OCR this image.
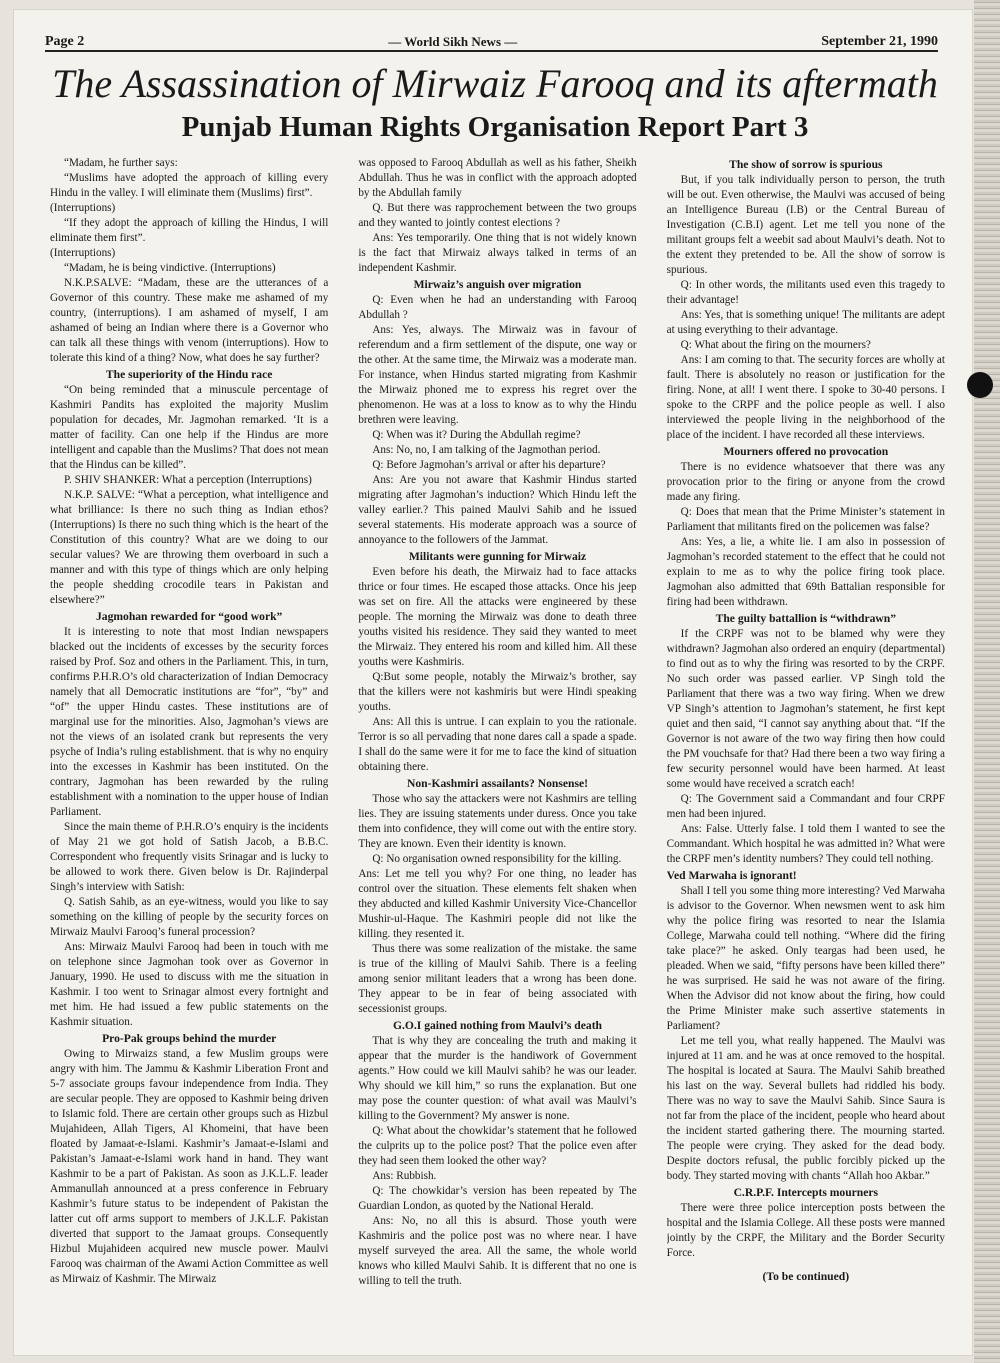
Page 2	— World Sikh News —	September 21, 1990
The Assassination of Mirwaiz Farooq and its aftermath
Punjab Human Rights Organisation Report Part 3

“Madam, he further says:

“Muslims have adopted the approach of killing every Hindu in the valley. I will eliminate them (Muslims) first”.

(Interruptions)

“If they adopt the approach of killing the Hindus, I will eliminate them first”.

(Interruptions)

“Madam, he is being vindictive. (Interruptions)

N.K.P.SALVE: “Madam, these are the utterances of a Governor of this country. These make me ashamed of my country, (interruptions). I am ashamed of myself, I am ashamed of being an Indian where there is a Governor who can talk all these things with venom (interruptions). How to tolerate this kind of a thing? Now, what does he say further?

The superiority of the Hindu race

“On being reminded that a minuscule percentage of Kashmiri Pandits has exploited the majority Muslim population for decades, Mr. Jagmohan remarked. ‘It is a matter of facility. Can one help if the Hindus are more intelligent and capable than the Muslims? That does not mean that the Hindus can be killed”.

P. SHIV SHANKER: What a perception (Interruptions)

N.K.P. SALVE: “What a perception, what intelligence and what brilliance: Is there no such thing as Indian ethos? (Interruptions) Is there no such thing which is the heart of the Constitution of this country? What are we doing to our secular values? We are throwing them overboard in such a manner and with this type of things which are only helping the people shedding crocodile tears in Pakistan and elsewhere?”

Jagmohan rewarded for “good work”

It is interesting to note that most Indian newspapers blacked out the incidents of excesses by the security forces raised by Prof. Soz and others in the Parliament. This, in turn, confirms P.H.R.O’s old characterization of Indian Democracy namely that all Democratic institutions are “for”, “by” and “of” the upper Hindu castes. These institutions are of marginal use for the minorities. Also, Jagmohan’s views are not the views of an isolated crank but represents the very psyche of India’s ruling establishment. that is why no enquiry into the excesses in Kashmir has been instituted. On the contrary, Jagmohan has been rewarded by the ruling establishment with a nomination to the upper house of Indian Parliament.

Since the main theme of P.H.R.O’s enquiry is the incidents of May 21 we got hold of Satish Jacob, a B.B.C. Correspondent who frequently visits Srinagar and is lucky to be allowed to work there. Given below is Dr. Rajinderpal Singh’s interview with Satish:

Q. Satish Sahib, as an eye-witness, would you like to say something on the killing of people by the security forces on Mirwaiz Maulvi Farooq’s funeral procession?

Ans: Mirwaiz Maulvi Farooq had been in touch with me on telephone since Jagmohan took over as Governor in January, 1990. He used to discuss with me the situation in Kashmir. I too went to Srinagar almost every fortnight and met him. He had issued a few public statements on the Kashmir situation.

Pro-Pak groups behind the murder

Owing to Mirwaizs stand, a few Muslim groups were angry with him. The Jammu & Kashmir Liberation Front and 5-7 associate groups favour independence from India. They are secular people. They are opposed to Kashmir being driven to Islamic fold. There are certain other groups such as Hizbul Mujahideen, Allah Tigers, Al Khomeini, that have been floated by Jamaat-e-Islami. Kashmir’s Jamaat-e-Islami and Pakistan’s Jamaat-e-Islami work hand in hand. They want Kashmir to be a part of Pakistan. As soon as J.K.L.F. leader Ammanullah announced at a press conference in February Kashmir’s future status to be independent of Pakistan the latter cut off arms support to members of J.K.L.F. Pakistan diverted that support to the Jamaat groups. Consequently Hizbul Mujahideen acquired new muscle power. Maulvi Farooq was chairman of the Awami Action Committee as well as Mirwaiz of Kashmir. The Mirwaiz

was opposed to Farooq Abdullah as well as his father, Sheikh Abdullah. Thus he was in conflict with the approach adopted by the Abdullah family

Q. But there was rapprochement between the two groups and they wanted to jointly contest elections ?

Ans: Yes temporarily. One thing that is not widely known is the fact that Mirwaiz always talked in terms of an independent Kashmir.

Mirwaiz’s anguish over migration

Q: Even when he had an understanding with Farooq Abdullah ?

Ans: Yes, always. The Mirwaiz was in favour of referendum and a firm settlement of the dispute, one way or the other. At the same time, the Mirwaiz was a moderate man. For instance, when Hindus started migrating from Kashmir the Mirwaiz phoned me to express his regret over the phenomenon. He was at a loss to know as to why the Hindu brethren were leaving.

Q: When was it? During the Abdullah regime?

Ans: No, no, I am talking of the Jagmothan period.

Q: Before Jagmohan’s arrival or after his departure?

Ans: Are you not aware that Kashmir Hindus started migrating after Jagmohan’s induction? Which Hindu left the valley earlier.? This pained Maulvi Sahib and he issued several statements. His moderate approach was a source of annoyance to the followers of the Jammat.

Militants were gunning for Mirwaiz

Even before his death, the Mirwaiz had to face attacks thrice or four times. He escaped those attacks. Once his jeep was set on fire. All the attacks were engineered by these people. The morning the Mirwaiz was done to death three youths visited his residence. They said they wanted to meet the Mirwaiz. They entered his room and killed him. All these youths were Kashmiris.

Q:But some people, notably the Mirwaiz’s brother, say that the killers were not kashmiris but were Hindi speaking youths.

Ans: All this is untrue. I can explain to you the rationale. Terror is so all pervading that none dares call a spade a spade. I shall do the same were it for me to face the kind of situation obtaining there.

Non-Kashmiri assailants? Nonsense!

Those who say the attackers were not Kashmirs are telling lies. They are issuing statements under duress. Once you take them into confidence, they will come out with the entire story. They are known. Even their identity is known.

Q: No organisation owned responsibility for the killing.

Ans: Let me tell you why? For one thing, no leader has control over the situation. These elements felt shaken when they abducted and killed Kashmir University Vice-Chancellor Mushir-ul-Haque. The Kashmiri people did not like the killing. they resented it.

Thus there was some realization of the mistake. the same is true of the killing of Maulvi Sahib. There is a feeling among senior militant leaders that a wrong has been done. They appear to be in fear of being associated with secessionist groups.

G.O.I gained nothing from Maulvi’s death

That is why they are concealing the truth and making it appear that the murder is the handiwork of Government agents.” How could we kill Maulvi sahib? he was our leader. Why should we kill him,” so runs the explanation. But one may pose the counter question: of what avail was Maulvi’s killing to the Government? My answer is none.

Q: What about the chowkidar’s statement that he followed the culprits up to the police post? That the police even after they had seen them looked the other way?

Ans: Rubbish.

Q: The chowkidar’s version has been repeated by The Guardian London, as quoted by the National Herald.

Ans: No, no all this is absurd. Those youth were Kashmiris and the police post was no where near. I have myself surveyed the area. All the same, the whole world knows who killed Maulvi Sahib. It is different that no one is willing to tell the truth.

The show of sorrow is spurious

But, if you talk individually person to person, the truth will be out. Even otherwise, the Maulvi was accused of being an Intelligence Bureau (I.B) or the Central Bureau of Investigation (C.B.I) agent. Let me tell you none of the militant groups felt a weebit sad about Maulvi’s death. Not to the extent they pretended to be. All the show of sorrow is spurious.

Q: In other words, the militants used even this tragedy to their advantage!

Ans: Yes, that is something unique! The militants are adept at using everything to their advantage.

Q: What about the firing on the mourners?

Ans: I am coming to that. The security forces are wholly at fault. There is absolutely no reason or justification for the firing. None, at all! I went there. I spoke to 30-40 persons. I spoke to the CRPF and the police people as well. I also interviewed the people living in the neighborhood of the place of the incident. I have recorded all these interviews.

Mourners offered no provocation

There is no evidence whatsoever that there was any provocation prior to the firing or anyone from the crowd made any firing.

Q: Does that mean that the Prime Minister’s statement in Parliament that militants fired on the policemen was false?

Ans: Yes, a lie, a white lie. I am also in possession of Jagmohan’s recorded statement to the effect that he could not explain to me as to why the police firing took place. Jagmohan also admitted that 69th Battalian responsible for firing had been withdrawn.

The guilty battallion is “withdrawn”

If the CRPF was not to be blamed why were they withdrawn? Jagmohan also ordered an enquiry (departmental) to find out as to why the firing was resorted to by the CRPF. No such order was passed earlier. VP Singh told the Parliament that there was a two way firing. When we drew VP Singh’s attention to Jagmohan’s statement, he first kept quiet and then said, “I cannot say anything about that. “If the Governor is not aware of the two way firing then how could the PM vouchsafe for that? Had there been a two way firing a few security personnel would have been harmed. At least some would have received a scratch each!

Q: The Government said a Commandant and four CRPF men had been injured.

Ans: False. Utterly false. I told them I wanted to see the Commandant. Which hospital he was admitted in? What were the CRPF men’s identity numbers? They could tell nothing.

Ved Marwaha is ignorant!

Shall I tell you some thing more interesting? Ved Marwaha is advisor to the Governor. When newsmen went to ask him why the police firing was resorted to near the Islamia College, Marwaha could tell nothing. “Where did the firing take place?” he asked. Only teargas had been used, he pleaded. When we said, “fifty persons have been killed there” he was surprised. He said he was not aware of the firing. When the Advisor did not know about the firing, how could the Prime Minister make such assertive statements in Parliament?

Let me tell you, what really happened. The Maulvi was injured at 11 am. and he was at once removed to the hospital. The hospital is located at Saura. The Maulvi Sahib breathed his last on the way. Several bullets had riddled his body. There was no way to save the Maulvi Sahib. Since Saura is not far from the place of the incident, people who heard about the incident started gathering there. The mourning started. The people were crying. They asked for the dead body. Despite doctors refusal, the public forcibly picked up the body. They started moving with chants “Allah hoo Akbar.”

C.R.P.F. Intercepts mourners

There were three police interception posts between the hospital and the Islamia College. All these posts were manned jointly by the CRPF, the Military and the Border Security Force.

(To be continued)
